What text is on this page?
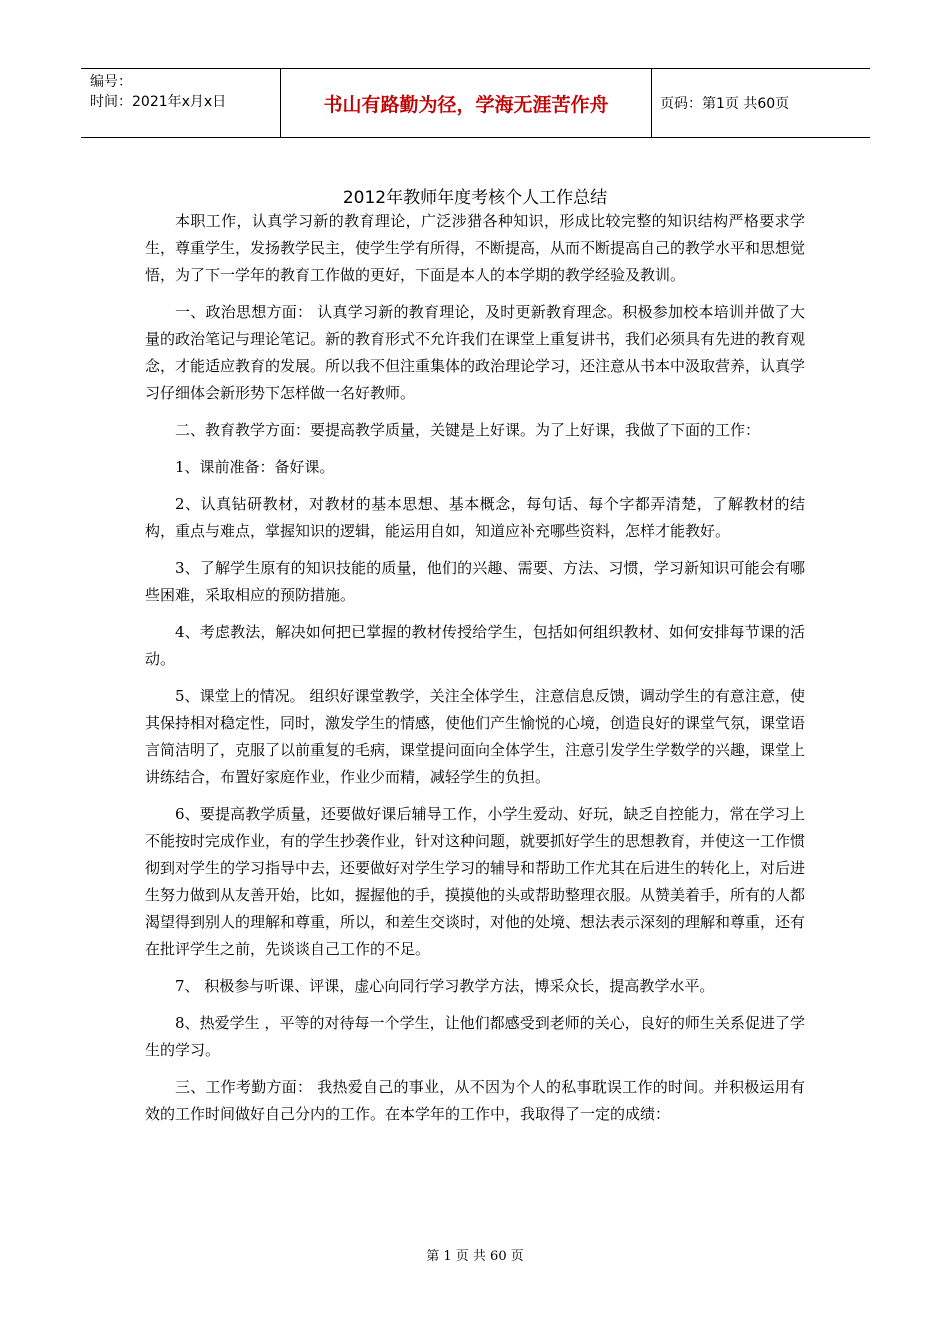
编号：
时间：2021年x月x日	书山有路勤为径，学海无涯苦作舟	页码：第1页 共60页
2012年教师年度考核个人工作总结

本职工作，认真学习新的教育理论，广泛涉猎各种知识，形成比较完整的知识结构严格要求学生，尊重学生，发扬教学民主，使学生学有所得，不断提高，从而不断提高自己的教学水平和思想觉悟，为了下一学年的教育工作做的更好，下面是本人的本学期的教学经验及教训。

一、政治思想方面： 认真学习新的教育理论，及时更新教育理念。积极参加校本培训并做了大量的政治笔记与理论笔记。新的教育形式不允许我们在课堂上重复讲书，我们必须具有先进的教育观念，才能适应教育的发展。所以我不但注重集体的政治理论学习，还注意从书本中汲取营养，认真学习仔细体会新形势下怎样做一名好教师。

二、教育教学方面：要提高教学质量，关键是上好课。为了上好课，我做了下面的工作：

1、课前准备：备好课。

2、认真钻研教材，对教材的基本思想、基本概念，每句话、每个字都弄清楚，了解教材的结构，重点与难点，掌握知识的逻辑，能运用自如，知道应补充哪些资料，怎样才能教好。

3、了解学生原有的知识技能的质量，他们的兴趣、需要、方法、习惯，学习新知识可能会有哪些困难，采取相应的预防措施。

4、考虑教法，解决如何把已掌握的教材传授给学生，包括如何组织教材、如何安排每节课的活动。

5、课堂上的情况。 组织好课堂教学，关注全体学生，注意信息反馈，调动学生的有意注意，使其保持相对稳定性，同时，激发学生的情感，使他们产生愉悦的心境，创造良好的课堂气氛，课堂语言简洁明了，克服了以前重复的毛病，课堂提问面向全体学生，注意引发学生学数学的兴趣，课堂上讲练结合，布置好家庭作业，作业少而精，减轻学生的负担。

6、要提高教学质量，还要做好课后辅导工作，小学生爱动、好玩，缺乏自控能力，常在学习上不能按时完成作业，有的学生抄袭作业，针对这种问题，就要抓好学生的思想教育，并使这一工作惯彻到对学生的学习指导中去，还要做好对学生学习的辅导和帮助工作尤其在后进生的转化上，对后进生努力做到从友善开始，比如，握握他的手，摸摸他的头或帮助整理衣服。从赞美着手，所有的人都渴望得到别人的理解和尊重，所以，和差生交谈时，对他的处境、想法表示深刻的理解和尊重，还有在批评学生之前，先谈谈自己工作的不足。

7、 积极参与听课、评课，虚心向同行学习教学方法，博采众长，提高教学水平。

8、热爱学生 ，平等的对待每一个学生，让他们都感受到老师的关心，良好的师生关系促进了学生的学习。

三、工作考勤方面： 我热爱自己的事业，从不因为个人的私事耽误工作的时间。并积极运用有效的工作时间做好自己分内的工作。在本学年的工作中，我取得了一定的成绩：

第 1 页 共 60 页
